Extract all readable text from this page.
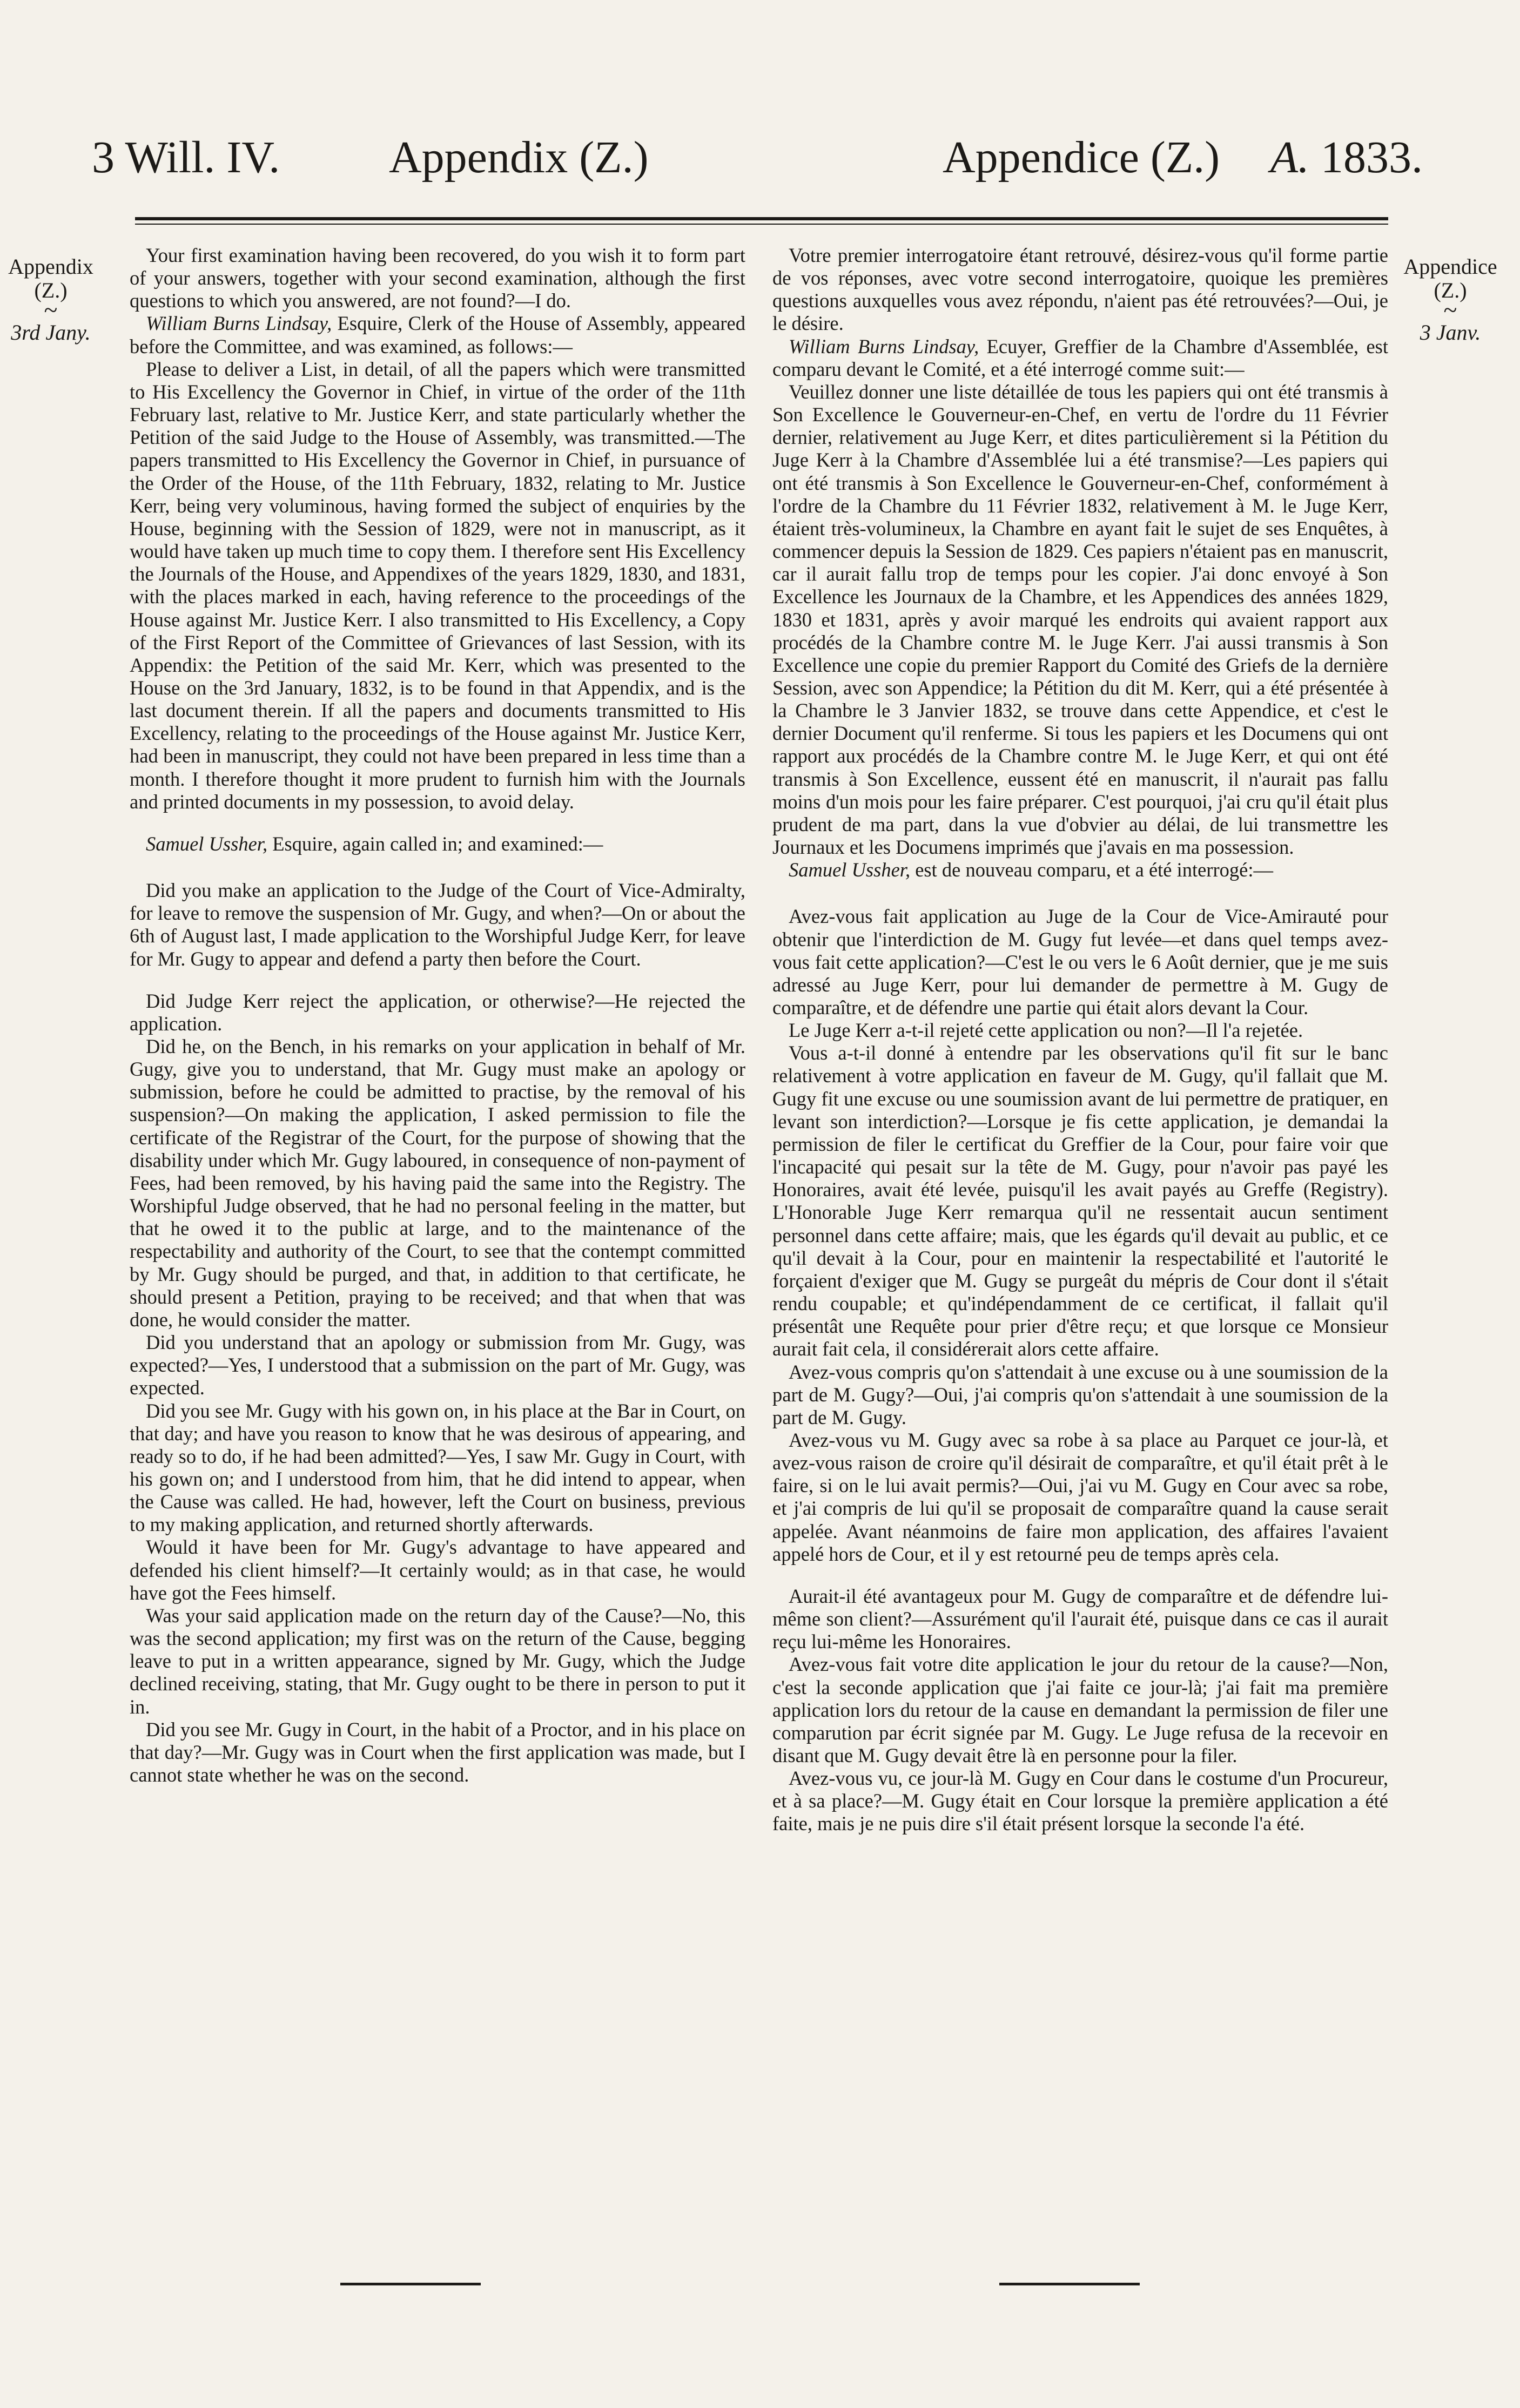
3 Will. IV. Appendix (Z.)	Appendice (Z.) A. 1833.
Appendix
(Z.)
~
3rd Jany.
Appendice
(Z.)
~
3 Janv.

Your first examination having been recovered, do you wish it to form part of your answers, together with your second examination, although the first questions to which you answered, are not found?—I do.

William Burns Lindsay, Esquire, Clerk of the House of Assembly, appeared before the Committee, and was examined, as follows:—

Please to deliver a List, in detail, of all the papers which were transmitted to His Excellency the Governor in Chief, in virtue of the order of the 11th February last, relative to Mr. Justice Kerr, and state particularly whether the Petition of the said Judge to the House of Assembly, was transmitted.—The papers transmitted to His Excellency the Governor in Chief, in pursuance of the Order of the House, of the 11th February, 1832, relating to Mr. Justice Kerr, being very voluminous, having formed the subject of enquiries by the House, beginning with the Session of 1829, were not in manuscript, as it would have taken up much time to copy them. I therefore sent His Excellency the Journals of the House, and Appendixes of the years 1829, 1830, and 1831, with the places marked in each, having reference to the proceedings of the House against Mr. Justice Kerr. I also transmitted to His Excellency, a Copy of the First Report of the Committee of Grievances of last Session, with its Appendix: the Petition of the said Mr. Kerr, which was presented to the House on the 3rd January, 1832, is to be found in that Appendix, and is the last document therein. If all the papers and documents transmitted to His Excellency, relating to the proceedings of the House against Mr. Justice Kerr, had been in manuscript, they could not have been prepared in less time than a month. I therefore thought it more prudent to furnish him with the Journals and printed documents in my possession, to avoid delay.

Samuel Ussher, Esquire, again called in; and examined:—

Did you make an application to the Judge of the Court of Vice-Admiralty, for leave to remove the suspension of Mr. Gugy, and when?—On or about the 6th of August last, I made application to the Worshipful Judge Kerr, for leave for Mr. Gugy to appear and defend a party then before the Court.

Did Judge Kerr reject the application, or otherwise?—He rejected the application.

Did he, on the Bench, in his remarks on your application in behalf of Mr. Gugy, give you to understand, that Mr. Gugy must make an apology or submission, before he could be admitted to practise, by the removal of his suspension?—On making the application, I asked permission to file the certificate of the Registrar of the Court, for the purpose of showing that the disability under which Mr. Gugy laboured, in consequence of non-payment of Fees, had been removed, by his having paid the same into the Registry. The Worshipful Judge observed, that he had no personal feeling in the matter, but that he owed it to the public at large, and to the maintenance of the respectability and authority of the Court, to see that the contempt committed by Mr. Gugy should be purged, and that, in addition to that certificate, he should present a Petition, praying to be received; and that when that was done, he would consider the matter.

Did you understand that an apology or submission from Mr. Gugy, was expected?—Yes, I understood that a submission on the part of Mr. Gugy, was expected.

Did you see Mr. Gugy with his gown on, in his place at the Bar in Court, on that day; and have you reason to know that he was desirous of appearing, and ready so to do, if he had been admitted?—Yes, I saw Mr. Gugy in Court, with his gown on; and I understood from him, that he did intend to appear, when the Cause was called. He had, however, left the Court on business, previous to my making application, and returned shortly afterwards.

Would it have been for Mr. Gugy's advantage to have appeared and defended his client himself?—It certainly would; as in that case, he would have got the Fees himself.

Was your said application made on the return day of the Cause?—No, this was the second application; my first was on the return of the Cause, begging leave to put in a written appearance, signed by Mr. Gugy, which the Judge declined receiving, stating, that Mr. Gugy ought to be there in person to put it in.

Did you see Mr. Gugy in Court, in the habit of a Proctor, and in his place on that day?—Mr. Gugy was in Court when the first application was made, but I cannot state whether he was on the second.

Votre premier interrogatoire étant retrouvé, désirez-vous qu'il forme partie de vos réponses, avec votre second interrogatoire, quoique les premières questions auxquelles vous avez répondu, n'aient pas été retrouvées?—Oui, je le désire.

William Burns Lindsay, Ecuyer, Greffier de la Chambre d'Assemblée, est comparu devant le Comité, et a été interrogé comme suit:—

Veuillez donner une liste détaillée de tous les papiers qui ont été transmis à Son Excellence le Gouverneur-en-Chef, en vertu de l'ordre du 11 Février dernier, relativement au Juge Kerr, et dites particulièrement si la Pétition du Juge Kerr à la Chambre d'Assemblée lui a été transmise?—Les papiers qui ont été transmis à Son Excellence le Gouverneur-en-Chef, conformément à l'ordre de la Chambre du 11 Février 1832, relativement à M. le Juge Kerr, étaient très-volumineux, la Chambre en ayant fait le sujet de ses Enquêtes, à commencer depuis la Session de 1829. Ces papiers n'étaient pas en manuscrit, car il aurait fallu trop de temps pour les copier. J'ai donc envoyé à Son Excellence les Journaux de la Chambre, et les Appendices des années 1829, 1830 et 1831, après y avoir marqué les endroits qui avaient rapport aux procédés de la Chambre contre M. le Juge Kerr. J'ai aussi transmis à Son Excellence une copie du premier Rapport du Comité des Griefs de la dernière Session, avec son Appendice; la Pétition du dit M. Kerr, qui a été présentée à la Chambre le 3 Janvier 1832, se trouve dans cette Appendice, et c'est le dernier Document qu'il renferme. Si tous les papiers et les Documens qui ont rapport aux procédés de la Chambre contre M. le Juge Kerr, et qui ont été transmis à Son Excellence, eussent été en manuscrit, il n'aurait pas fallu moins d'un mois pour les faire préparer. C'est pourquoi, j'ai cru qu'il était plus prudent de ma part, dans la vue d'obvier au délai, de lui transmettre les Journaux et les Documens imprimés que j'avais en ma possession.

Samuel Ussher, est de nouveau comparu, et a été interrogé:—

Avez-vous fait application au Juge de la Cour de Vice-Amirauté pour obtenir que l'interdiction de M. Gugy fut levée—et dans quel temps avez-vous fait cette application?—C'est le ou vers le 6 Août dernier, que je me suis adressé au Juge Kerr, pour lui demander de permettre à M. Gugy de comparaître, et de défendre une partie qui était alors devant la Cour.

Le Juge Kerr a-t-il rejeté cette application ou non?—Il l'a rejetée.

Vous a-t-il donné à entendre par les observations qu'il fit sur le banc relativement à votre application en faveur de M. Gugy, qu'il fallait que M. Gugy fit une excuse ou une soumission avant de lui permettre de pratiquer, en levant son interdiction?—Lorsque je fis cette application, je demandai la permission de filer le certificat du Greffier de la Cour, pour faire voir que l'incapacité qui pesait sur la tête de M. Gugy, pour n'avoir pas payé les Honoraires, avait été levée, puisqu'il les avait payés au Greffe (Registry). L'Honorable Juge Kerr remarqua qu'il ne ressentait aucun sentiment personnel dans cette affaire; mais, que les égards qu'il devait au public, et ce qu'il devait à la Cour, pour en maintenir la respectabilité et l'autorité le forçaient d'exiger que M. Gugy se purgeât du mépris de Cour dont il s'était rendu coupable; et qu'indépendamment de ce certificat, il fallait qu'il présentât une Requête pour prier d'être reçu; et que lorsque ce Monsieur aurait fait cela, il considérerait alors cette affaire.

Avez-vous compris qu'on s'attendait à une excuse ou à une soumission de la part de M. Gugy?—Oui, j'ai compris qu'on s'attendait à une soumission de la part de M. Gugy.

Avez-vous vu M. Gugy avec sa robe à sa place au Parquet ce jour-là, et avez-vous raison de croire qu'il désirait de comparaître, et qu'il était prêt à le faire, si on le lui avait permis?—Oui, j'ai vu M. Gugy en Cour avec sa robe, et j'ai compris de lui qu'il se proposait de comparaître quand la cause serait appelée. Avant néanmoins de faire mon application, des affaires l'avaient appelé hors de Cour, et il y est retourné peu de temps après cela.

Aurait-il été avantageux pour M. Gugy de comparaître et de défendre lui-même son client?—Assurément qu'il l'aurait été, puisque dans ce cas il aurait reçu lui-même les Honoraires.

Avez-vous fait votre dite application le jour du retour de la cause?—Non, c'est la seconde application que j'ai faite ce jour-là; j'ai fait ma première application lors du retour de la cause en demandant la permission de filer une comparution par écrit signée par M. Gugy. Le Juge refusa de la recevoir en disant que M. Gugy devait être là en personne pour la filer.

Avez-vous vu, ce jour-là M. Gugy en Cour dans le costume d'un Procureur, et à sa place?—M. Gugy était en Cour lorsque la première application a été faite, mais je ne puis dire s'il était présent lorsque la seconde l'a été.
